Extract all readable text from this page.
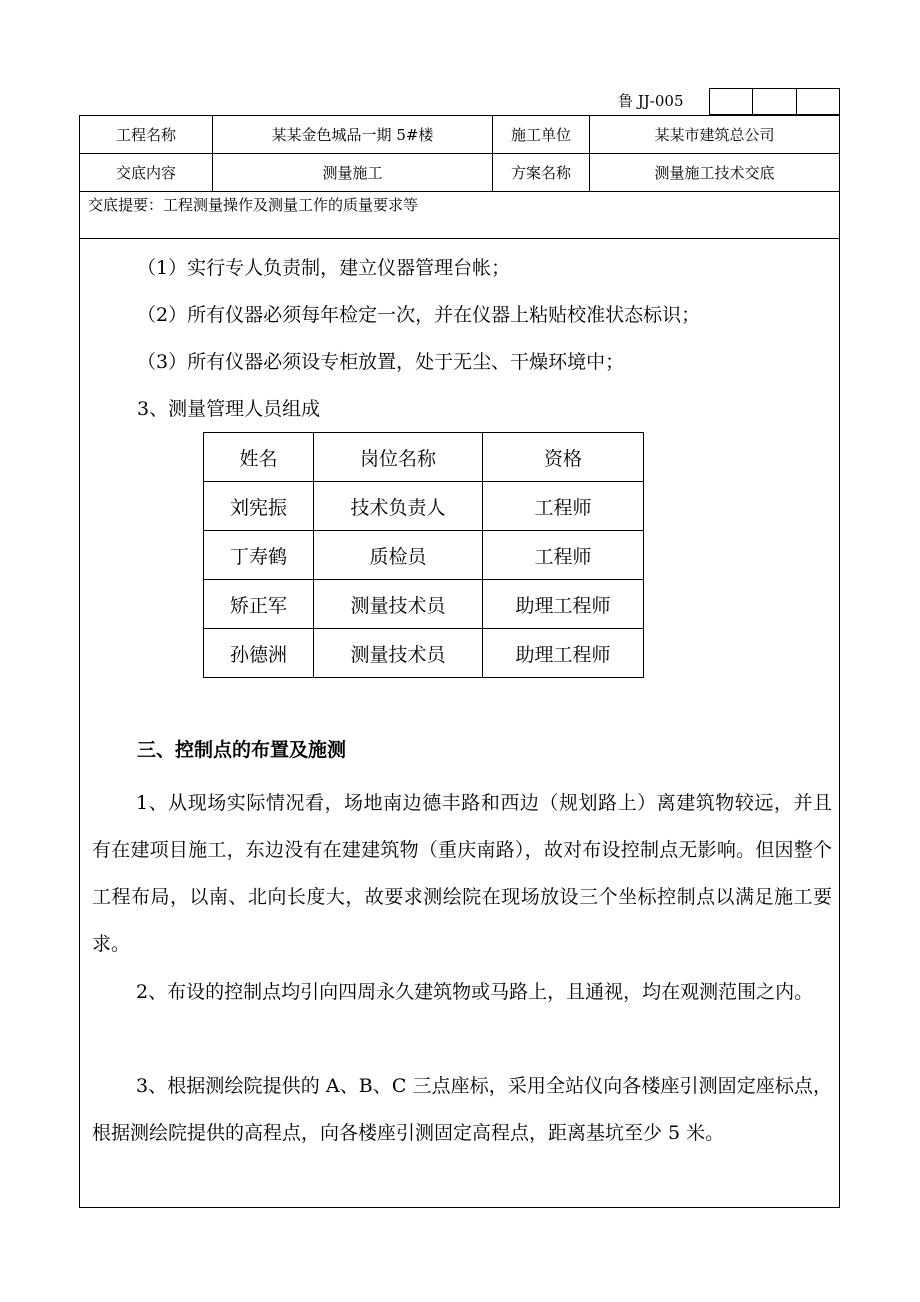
鲁 JJ-005
工程名称	某某金色城品一期 5#楼	施工单位	某某市建筑总公司
交底内容	测量施工	方案名称	测量施工技术交底
交底提要：工程测量操作及测量工作的质量要求等

（1）实行专人负责制，建立仪器管理台帐；

（2）所有仪器必须每年检定一次，并在仪器上粘贴校准状态标识；

（3）所有仪器必须设专柜放置，处于无尘、干燥环境中；

3、测量管理人员组成

姓名	岗位名称	资格
刘宪振	技术负责人	工程师
丁寿鹤	质检员	工程师
矫正军	测量技术员	助理工程师
孙德洲	测量技术员	助理工程师
三、控制点的布置及施测

1、从现场实际情况看，场地南边德丰路和西边（规划路上）离建筑物较远，并且有在建项目施工，东边没有在建建筑物（重庆南路），故对布设控制点无影响。但因整个工程布局，以南、北向长度大，故要求测绘院在现场放设三个坐标控制点以满足施工要求。

2、布设的控制点均引向四周永久建筑物或马路上，且通视，均在观测范围之内。

3、根据测绘院提供的 A、B、C 三点座标，采用全站仪向各楼座引测固定座标点，根据测绘院提供的高程点，向各楼座引测固定高程点，距离基坑至少 5 米。
